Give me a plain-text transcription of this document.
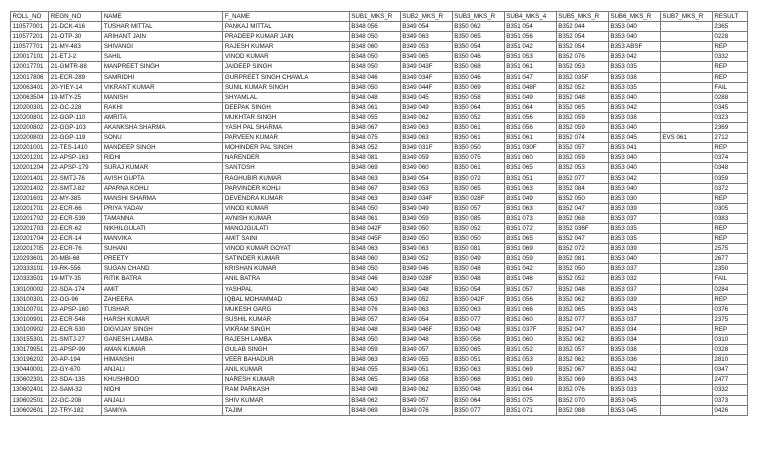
ROLL_NO	REGN_NO	NAME	F_NAME	SUB1_MKS_R	SUB2_MKS_R	SUB3_MKS_R	SUB4_MKS_4	SUB5_MKS_R	SUB6_MKS_R	SUB7_MKS_R	RESULT
110577001	21-DCK-416	TUSHAR MITTAL	PANKAJ MITTAL	B348 056	B349 054	B350 062	B351 054	B352 044	B353 040		2365
110577201	21-OTP-30	ARIHANT JAIN	PRADEEP KUMAR JAIN	B348 050	B349 063	B350 065	B351 056	B352 054	B353 040		0228
110577701	21-MY-483	SHIVANGI	RAJESH KUMAR	B348 060	B349 053	B350 054	B351 042	B352 054	B353 ABSF		REP
120017101	21-ETJ-2	SAHIL	VINOD KUMAR	B348 050	B349 065	B350 046	B351 053	B352 076	B353 042		0332
120017701	21-GMTR-88	MANPREET SINGH	JAIDEEP SINGH	B348 050	B349 043F	B350 068	B351 061	B352 053	B353 035		REP
120017806	21-ECR-289	SAMRIDHI	GURPREET SINGH CHAWLA	B348 046	B349 034F	B350 046	B351 047	B352 035F	B353 038		REP
120063401	20-YIEY-14	VIKRANT KUMAR	SUNIL KUMAR SINGH	B348 050	B349 044F	B350 069	B351 048F	B352 052	B353 035		FAIL
120063504	19-MTY-25	MANISH	SHYAMLAL	B348 048	B349 045	B350 058	B351 049	B352 048	B353 040		0288
120200301	22-GC-228	RAKHI	DEEPAK SINGH	B348 061	B349 049	B350 064	B351 064	B352 065	B353 042		0345
120200801	22-GGP-110	AMRITA	MUKHTAR SINGH	B348 055	B349 062	B350 052	B351 056	B352 059	B353 038		0323
120200802	22-GGP-103	AKANKSHA SHARMA	YASH PAL SHARMA	B348 067	B349 063	B350 061	B351 056	B352 059	B353 040		2369
120200803	22-GGP-119	SONU	PARVEEN KUMAR	B348 075	B349 063	B350 061	B351 061	B352 074	B353 045	EVS 061	2712
120201001	22-TES-1410	MANDEEP SINGH	MOHINDER PAL SINGH	B348 052	B349 031F	B350 050	B351 030F	B352 057	B353 041		REP
120201201	22-APSP-163	RIDHI	NARENDER	B348 081	B349 059	B350 075	B351 060	B352 059	B353 040		0374
120201204	22-APSP-179	SURAJ KUMAR	SANTOSH	B348 069	B349 060	B350 061	B351 065	B352 053	B353 040		0348
120201401	22-SMTJ-76	AVISH GUPTA	RAGHUBIR KUMAR	B348 063	B349 054	B350 072	B351 051	B352 077	B353 042		0359
120201402	22-SMTJ-82	APARNA KOHLI	PARVINDER KOHLI	B348 067	B349 053	B350 065	B351 063	B352 084	B353 040		0372
120201601	22-MY-385	MANSHI SHARMA	DEVENDRA KUMAR	B348 063	B349 034F	B350 028F	B351 049	B352 050	B353 030		REP
120201701	22-ECR-66	PRIYA YADAV	VINOD KUMAR	B348 050	B349 049	B350 057	B351 063	B352 047	B353 039		0305
120201702	22-ECR-539	TAMANNA	AVNISH KUMAR	B348 061	B349 059	B350 085	B351 073	B352 068	B353 037		0383
120201703	22-ECR-62	NIKHILGULATI	MANOJGULATI	B348 042F	B349 050	B350 052	B351 072	B352 036F	B353 035		REP
120201704	22-ECR-14	MANVIKA	AMIT SAINI	B348 045F	B349 050	B350 050	B351 065	B352 047	B353 035		REP
120201705	22-ECR-76	SUHANI	VINOD KUMAR GOYAT	B348 063	B349 063	B350 081	B351 069	B352 072	B353 039		2575
120293601	20-MBI-68	PREETY	SATINDER KUMAR	B348 060	B349 052	B350 049	B351 059	B352 081	B353 040		2677
120333101	19-RK-556	SUGAN CHAND	KRISHAN KUMAR	B348 050	B349 046	B350 048	B351 042	B352 050	B353 037		2350
120333501	19-MTY-35	RITIK BATRA	ANIL BATRA	B348 046	B349 028F	B350 048	B351 046	B352 052	B353 032		FAIL
130100002	22-SDA-174	AMIT	YASHPAL	B348 040	B349 048	B350 054	B351 057	B352 048	B353 037		0284
130100301	22-GG-96	ZAHEERA	IQBAL MOHAMMAD	B348 053	B349 052	B350 042F	B351 056	B352 062	B353 039		REP
130100701	22-APSP-160	TUSHAR	MUKESH GARG	B348 076	B349 063	B350 063	B351 066	B352 065	B353 043		0376
130100901	22-ECR-548	HARSH KUMAR	SUSHIL KUMAR	B348 057	B349 054	B350 077	B351 060	B352 077	B353 037		2375
130100902	22-ECR-530	DIGVIJAY SINGH	VIKRAM SINGH	B348 048	B349 046F	B350 048	B351 037F	B352 047	B353 034		REP
130155301	21-SMTJ-27	GANESH LAMBA	RAJESH LAMBA	B348 050	B349 048	B350 056	B351 060	B352 062	B353 034		0310
130179951	21-APSP-99	AMAN KUMAR	GULAB SINGH	B348 059	B349 057	B350 065	B351 052	B352 057	B353 038		0328
130196202	20-AP-194	HIMANSHI	VEER BAHADUR	B348 063	B349 055	B350 051	B351 053	B352 062	B353 036		2810
130440001	22-GY-670	ANJALI	ANIL KUMAR	B348 055	B349 051	B350 063	B351 069	B352 067	B353 042		0347
130602301	22-SDA-135	KHUSHBOO	NARESH KUMAR	B348 065	B349 058	B350 068	B351 069	B352 069	B353 043		2477
130602401	22-SAM-32	NIDHI	RAM PARKASH	B348 049	B349 062	B350 048	B351 064	B352 076	B353 033		0332
130602501	22-GC-208	ANJALI	SHIV KUMAR	B348 062	B349 057	B350 064	B351 075	B352 070	B353 045		0373
130602601	22-TRY-182	SAMIYA	TAJIM	B348 069	B349 076	B350 077	B351 071	B352 088	B353 045		0426
